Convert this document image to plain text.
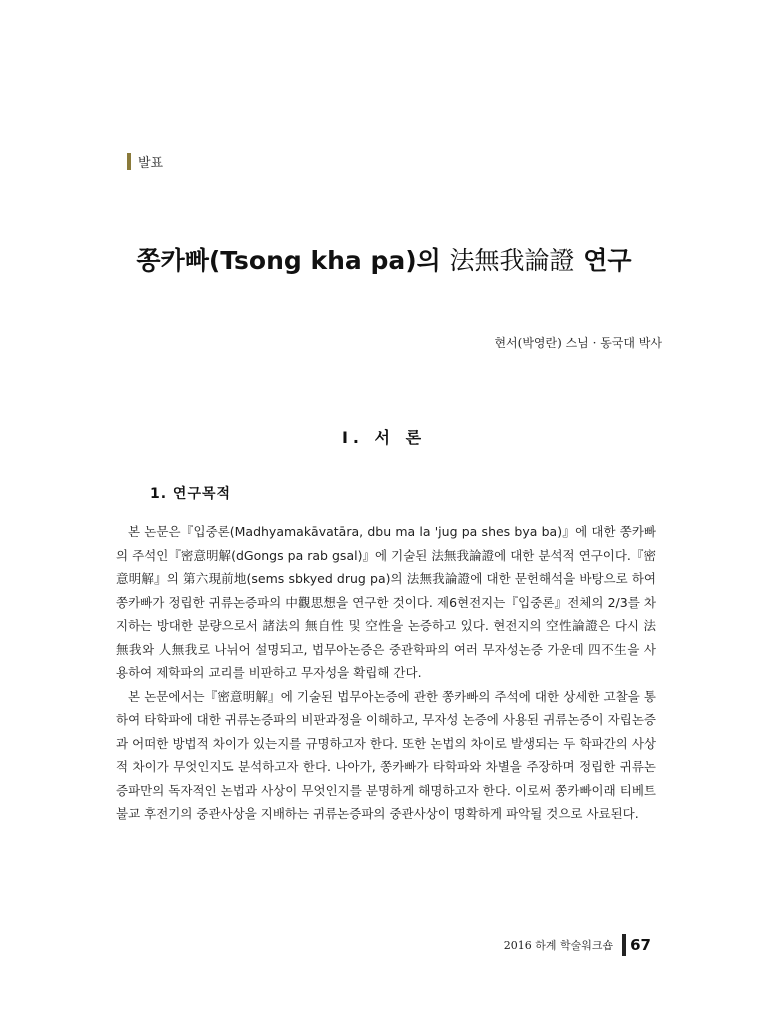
발표
쫑카빠(Tsong kha pa)의 法無我論證 연구
현서(박영란) 스님 · 동국대 박사
Ⅰ. 서 론
1. 연구목적

본 논문은『입중론(Madhyamakāvatāra, dbu ma la 'jug pa shes bya ba)』에 대한 쫑카빠의 주석인『密意明解(dGongs pa rab gsal)』에 기술된 法無我論證에 대한 분석적 연구이다.『密意明解』의 第六現前地(sems sbkyed drug pa)의 法無我論證에 대한 문헌해석을 바탕으로 하여 쫑카빠가 정립한 귀류논증파의 中觀思想을 연구한 것이다. 제6현전지는『입중론』전체의 2/3를 차지하는 방대한 분량으로서 諸法의 無自性 및 空性을 논증하고 있다. 현전지의 空性論證은 다시 法無我와 人無我로 나뉘어 설명되고, 법무아논증은 중관학파의 여러 무자성논증 가운데 四不生을 사용하여 제학파의 교리를 비판하고 무자성을 확립해 간다.

본 논문에서는『密意明解』에 기술된 법무아논증에 관한 쫑카빠의 주석에 대한 상세한 고찰을 통하여 타학파에 대한 귀류논증파의 비판과정을 이해하고, 무자성 논증에 사용된 귀류논증이 자립논증과 어떠한 방법적 차이가 있는지를 규명하고자 한다. 또한 논법의 차이로 발생되는 두 학파간의 사상적 차이가 무엇인지도 분석하고자 한다. 나아가, 쫑카빠가 타학파와 차별을 주장하며 정립한 귀류논증파만의 독자적인 논법과 사상이 무엇인지를 분명하게 해명하고자 한다. 이로써 쫑카빠이래 티베트불교 후전기의 중관사상을 지배하는 귀류논증파의 중관사상이 명확하게 파악될 것으로 사료된다.

2016 하계 학술워크숍 67
